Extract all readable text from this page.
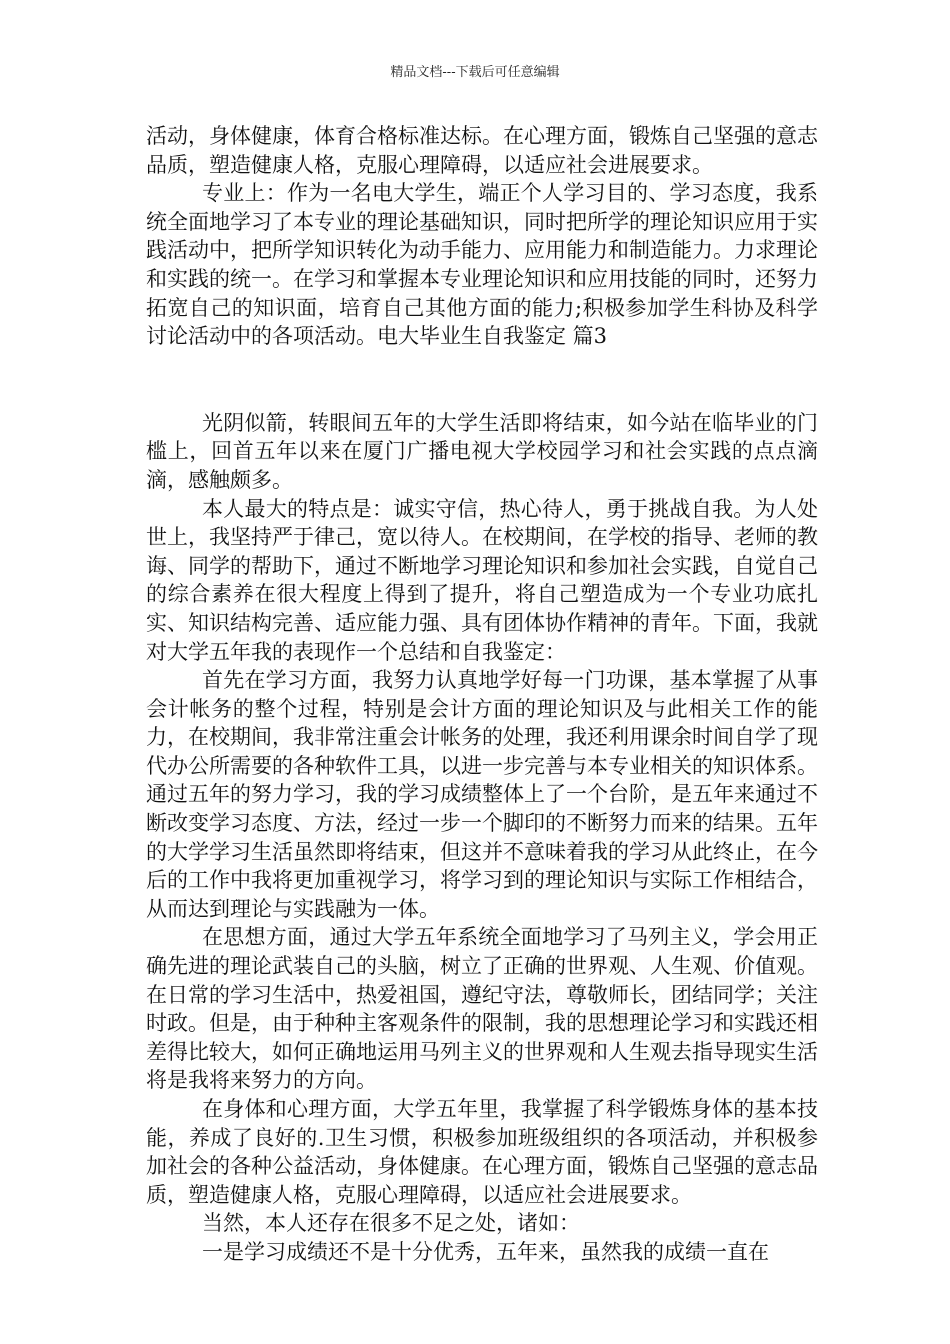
精品文档---下载后可任意编辑

活动，身体健康，体育合格标准达标。在心理方面，锻炼自己坚强的意志品质，塑造健康人格，克服心理障碍，以适应社会进展要求。

专业上：作为一名电大学生，端正个人学习目的、学习态度，我系统全面地学习了本专业的理论基础知识，同时把所学的理论知识应用于实践活动中，把所学知识转化为动手能力、应用能力和制造能力。力求理论和实践的统一。在学习和掌握本专业理论知识和应用技能的同时，还努力拓宽自己的知识面，培育自己其他方面的能力;积极参加学生科协及科学讨论活动中的各项活动。电大毕业生自我鉴定 篇3

光阴似箭，转眼间五年的大学生活即将结束，如今站在临毕业的门槛上，回首五年以来在厦门广播电视大学校园学习和社会实践的点点滴滴，感触颇多。

本人最大的特点是：诚实守信，热心待人，勇于挑战自我。为人处世上，我坚持严于律己，宽以待人。在校期间，在学校的指导、老师的教诲、同学的帮助下，通过不断地学习理论知识和参加社会实践，自觉自己的综合素养在很大程度上得到了提升，将自己塑造成为一个专业功底扎实、知识结构完善、适应能力强、具有团体协作精神的青年。下面，我就对大学五年我的表现作一个总结和自我鉴定：

首先在学习方面，我努力认真地学好每一门功课，基本掌握了从事会计帐务的整个过程，特别是会计方面的理论知识及与此相关工作的能力，在校期间，我非常注重会计帐务的处理，我还利用课余时间自学了现代办公所需要的各种软件工具，以进一步完善与本专业相关的知识体系。通过五年的努力学习，我的学习成绩整体上了一个台阶，是五年来通过不断改变学习态度、方法，经过一步一个脚印的不断努力而来的结果。五年的大学学习生活虽然即将结束，但这并不意味着我的学习从此终止，在今后的工作中我将更加重视学习，将学习到的理论知识与实际工作相结合，从而达到理论与实践融为一体。

在思想方面，通过大学五年系统全面地学习了马列主义，学会用正确先进的理论武装自己的头脑，树立了正确的世界观、人生观、价值观。在日常的学习生活中，热爱祖国，遵纪守法，尊敬师长，团结同学；关注时政。但是，由于种种主客观条件的限制，我的思想理论学习和实践还相差得比较大，如何正确地运用马列主义的世界观和人生观去指导现实生活将是我将来努力的方向。

在身体和心理方面，大学五年里，我掌握了科学锻炼身体的基本技能，养成了良好的.卫生习惯，积极参加班级组织的各项活动，并积极参加社会的各种公益活动，身体健康。在心理方面，锻炼自己坚强的意志品质，塑造健康人格，克服心理障碍，以适应社会进展要求。

当然，本人还存在很多不足之处，诸如：

一是学习成绩还不是十分优秀，五年来，虽然我的成绩一直在
